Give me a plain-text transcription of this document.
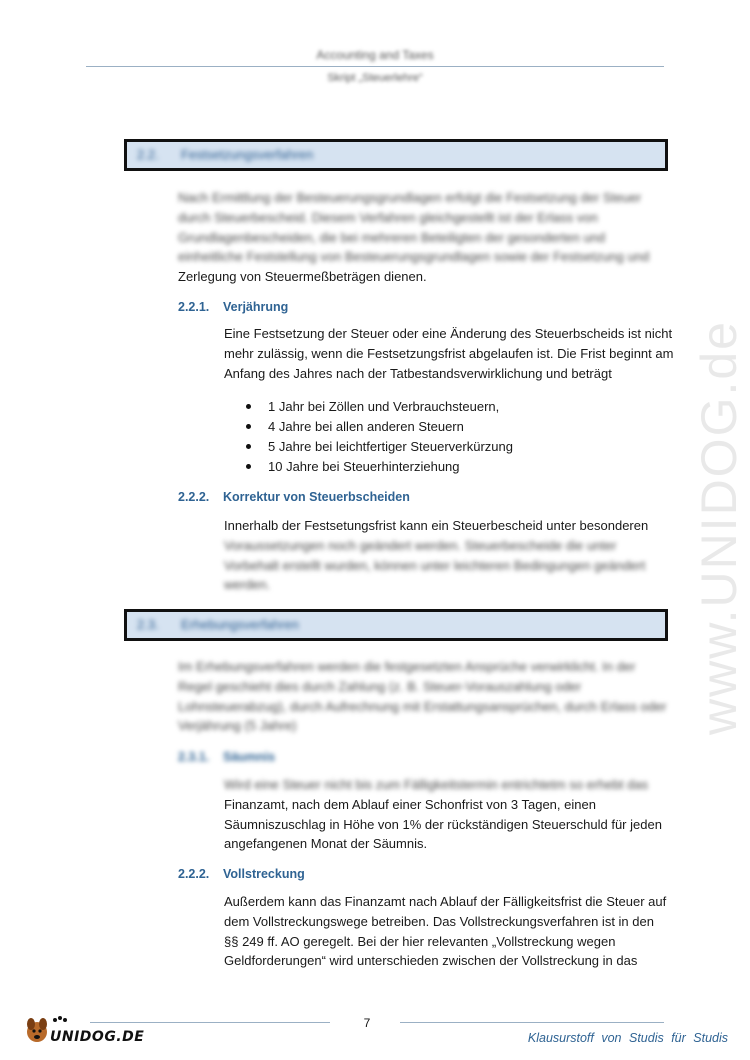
Accounting and Taxes
Skript „Steuerlehre“
www.UNIDOG.de
2.2. Festsetzungsverfahren

Nach Ermittlung der Besteuerungsgrundlagen erfolgt die Festsetzung der Steuer

durch Steuerbescheid. Diesem Verfahren gleichgestellt ist der Erlass von

Grundlagenbescheiden, die bei mehreren Beteiligten der gesonderten und

einheitliche Feststellung von Besteuerungsgrundlagen sowie der Festsetzung und

Zerlegung von Steuermeßbeträgen dienen.

2.2.1. Verjährung

Eine Festsetzung der Steuer oder eine Änderung des Steuerbscheids ist nicht

mehr zulässig, wenn die Festsetzungsfrist abgelaufen ist. Die Frist beginnt am

Anfang des Jahres nach der Tatbestandsverwirklichung und beträgt

1 Jahr bei Zöllen und Verbrauchsteuern,
4 Jahre bei allen anderen Steuern
5 Jahre bei leichtfertiger Steuerverkürzung
10 Jahre bei Steuerhinterziehung
2.2.2. Korrektur von Steuerbscheiden

Innerhalb der Festsetungsfrist kann ein Steuerbescheid unter besonderen

Voraussetzungen noch geändert werden. Steuerbescheide die unter

Vorbehalt erstellt wurden, können unter leichteren Bedingungen geändert

werden.

2.3. Erhebungsverfahren

Im Erhebungsverfahren werden die festgesetzten Ansprüche verwirklicht. In der

Regel geschieht dies durch Zahlung (z. B. Steuer-Vorauszahlung oder

Lohnsteuerabzug), durch Aufrechnung mit Erstattungsansprüchen, durch Erlass oder

Verjährung (5 Jahre)

2.3.1. Säumnis

Wird eine Steuer nicht bis zum Fälligkeitstermin entrichtetm so erhebt das

Finanzamt, nach dem Ablauf einer Schonfrist von 3 Tagen, einen

Säumniszuschlag in Höhe von 1% der rückständigen Steuerschuld für jeden

angefangenen Monat der Säumnis.

2.2.2. Vollstreckung

Außerdem kann das Finanzamt nach Ablauf der Fälligkeitsfrist die Steuer auf

dem Vollstreckungswege betreiben. Das Vollstreckungsverfahren ist in den

§§ 249 ff. AO geregelt. Bei der hier relevanten „Vollstreckung wegen

Geldforderungen“ wird unterschieden zwischen der Vollstreckung in das

7
UNIDOG.DE	Klausurstoff von Studis für Studis
